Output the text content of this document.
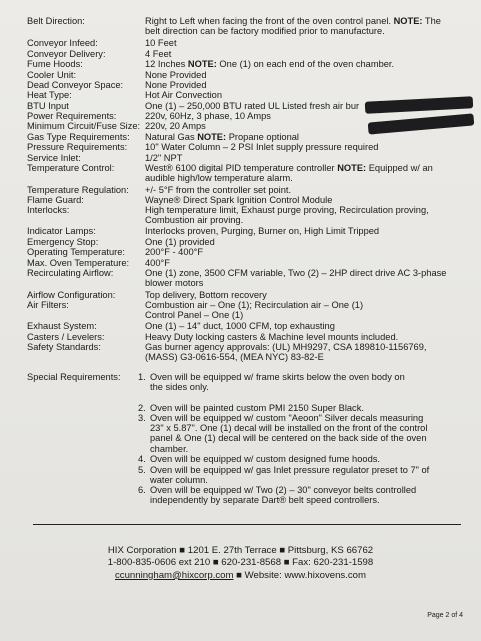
Belt Direction:	Right to Left when facing the front of the oven control panel. NOTE: The
belt direction can be factory modified prior to manufacture.
Conveyor Infeed:	10 Feet
Conveyor Delivery:	4 Feet
Fume Hoods:	12 Inches NOTE: One (1) on each end of the oven chamber.
Cooler Unit:	None Provided
Dead Conveyor Space: None Provided
Heat Type:	Hot Air Convection
BTU Input	One (1) – 250,000 BTU rated UL Listed fresh air bur
Power Requirements:	220v, 60Hz, 3 phase, 10 Amps
Minimum Circuit/Fuse Size: 220v, 20 Amps
Gas Type Requirements: Natural Gas NOTE: Propane optional
Pressure Requirements: 10" Water Column – 2 PSI Inlet supply pressure required
Service Inlet:	1/2" NPT
Temperature Control:	West® 6100 digital PID temperature controller NOTE: Equipped w/ an
audible high/low temperature alarm.
Temperature Regulation: +/- 5°F from the controller set point.
Flame Guard:	Wayne® Direct Spark Ignition Control Module
Interlocks:	High temperature limit, Exhaust purge proving, Recirculation proving,
Combustion air proving.
Indicator Lamps:	Interlocks proven, Purging, Burner on, High Limit Tripped
Emergency Stop:	One (1) provided
Operating Temperature: 200°F - 400°F
Max. Oven Temperature: 400°F
Recirculating Airflow:	One (1) zone, 3500 CFM variable, Two (2) – 2HP direct drive AC 3-phase
blower motors
Airflow Configuration:	Top delivery, Bottom recovery
Air Filters:	Combustion air – One (1); Recirculation air – One (1)
Control Panel – One (1)
Exhaust System:	One (1) – 14" duct, 1000 CFM, top exhausting
Casters / Levelers:	Heavy Duty locking casters & Machine level mounts included.
Safety Standards:	Gas burner agency approvals: (UL) MH9297, CSA 189810-1156769,
(MASS) G3-0616-554, (MEA NYC) 83-82-E
Special Requirements: 1. Oven will be equipped w/ frame skirts below the oven body on
the sides only.
2. Oven will be painted custom PMI 2150 Super Black.
3. Oven will be equipped w/ custom "Aeoon" Silver decals measuring
23" x 5.87". One (1) decal will be installed on the front of the control
panel & One (1) decal will be centered on the back side of the oven
chamber.
4. Oven will be equipped w/ custom designed fume hoods.
5. Oven will be equipped w/ gas Inlet pressure regulator preset to 7" of
water column.
6. Oven will be equipped w/ Two (2) – 30" conveyor belts controlled
independently by separate Dart® belt speed controllers.
HIX Corporation ■ 1201 E. 27th Terrace ■ Pittsburg, KS 66762
1-800-835-0606 ext 210 ■ 620-231-8568 ■ Fax: 620-231-1598
ccunningham@hixcorp.com ■ Website: www.hixovens.com
Page 2 of 4
